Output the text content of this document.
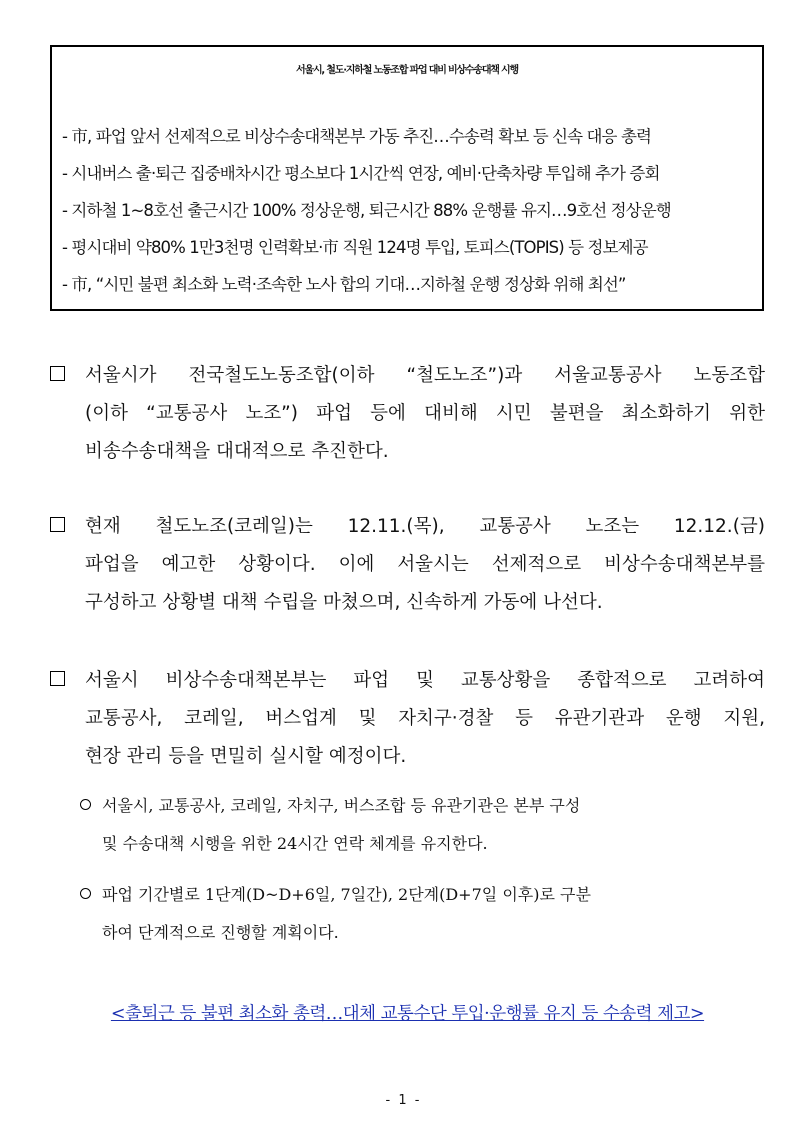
서울시, 철도·지하철 노동조합 파업 대비 비상수송대책 시행
- 市, 파업 앞서 선제적으로 비상수송대책본부 가동 추진…수송력 확보 등 신속 대응 총력
- 시내버스 출·퇴근 집중배차시간 평소보다 1시간씩 연장, 예비·단축차량 투입해 추가 증회
- 지하철 1~8호선 출근시간 100% 정상운행, 퇴근시간 88% 운행률 유지…9호선 정상운행
- 평시대비 약80% 1만3천명 인력확보·市 직원 124명 투입, 토피스(TOPIS) 등 정보제공
- 市, “시민 불편 최소화 노력·조속한 노사 합의 기대…지하철 운행 정상화 위해 최선”
서울시가 전국철도노동조합(이하 “철도노조”)과 서울교통공사 노동조합
(이하 “교통공사 노조”) 파업 등에 대비해 시민 불편을 최소화하기 위한
비송수송대책을 대대적으로 추진한다.
현재 철도노조(코레일)는 12.11.(목), 교통공사 노조는 12.12.(금)
파업을 예고한 상황이다. 이에 서울시는 선제적으로 비상수송대책본부를
구성하고 상황별 대책 수립을 마쳤으며, 신속하게 가동에 나선다.
서울시 비상수송대책본부는 파업 및 교통상황을 종합적으로 고려하여
교통공사, 코레일, 버스업계 및 자치구·경찰 등 유관기관과 운행 지원,
현장 관리 등을 면밀히 실시할 예정이다.
서울시, 교통공사, 코레일, 자치구, 버스조합 등 유관기관은 본부 구성
및 수송대책 시행을 위한 24시간 연락 체계를 유지한다.
파업 기간별로 1단계(D~D+6일, 7일간), 2단계(D+7일 이후)로 구분
하여 단계적으로 진행할 계획이다.
<출퇴근 등 불편 최소화 총력…대체 교통수단 투입·운행률 유지 등 수송력 제고>
- 1 -
